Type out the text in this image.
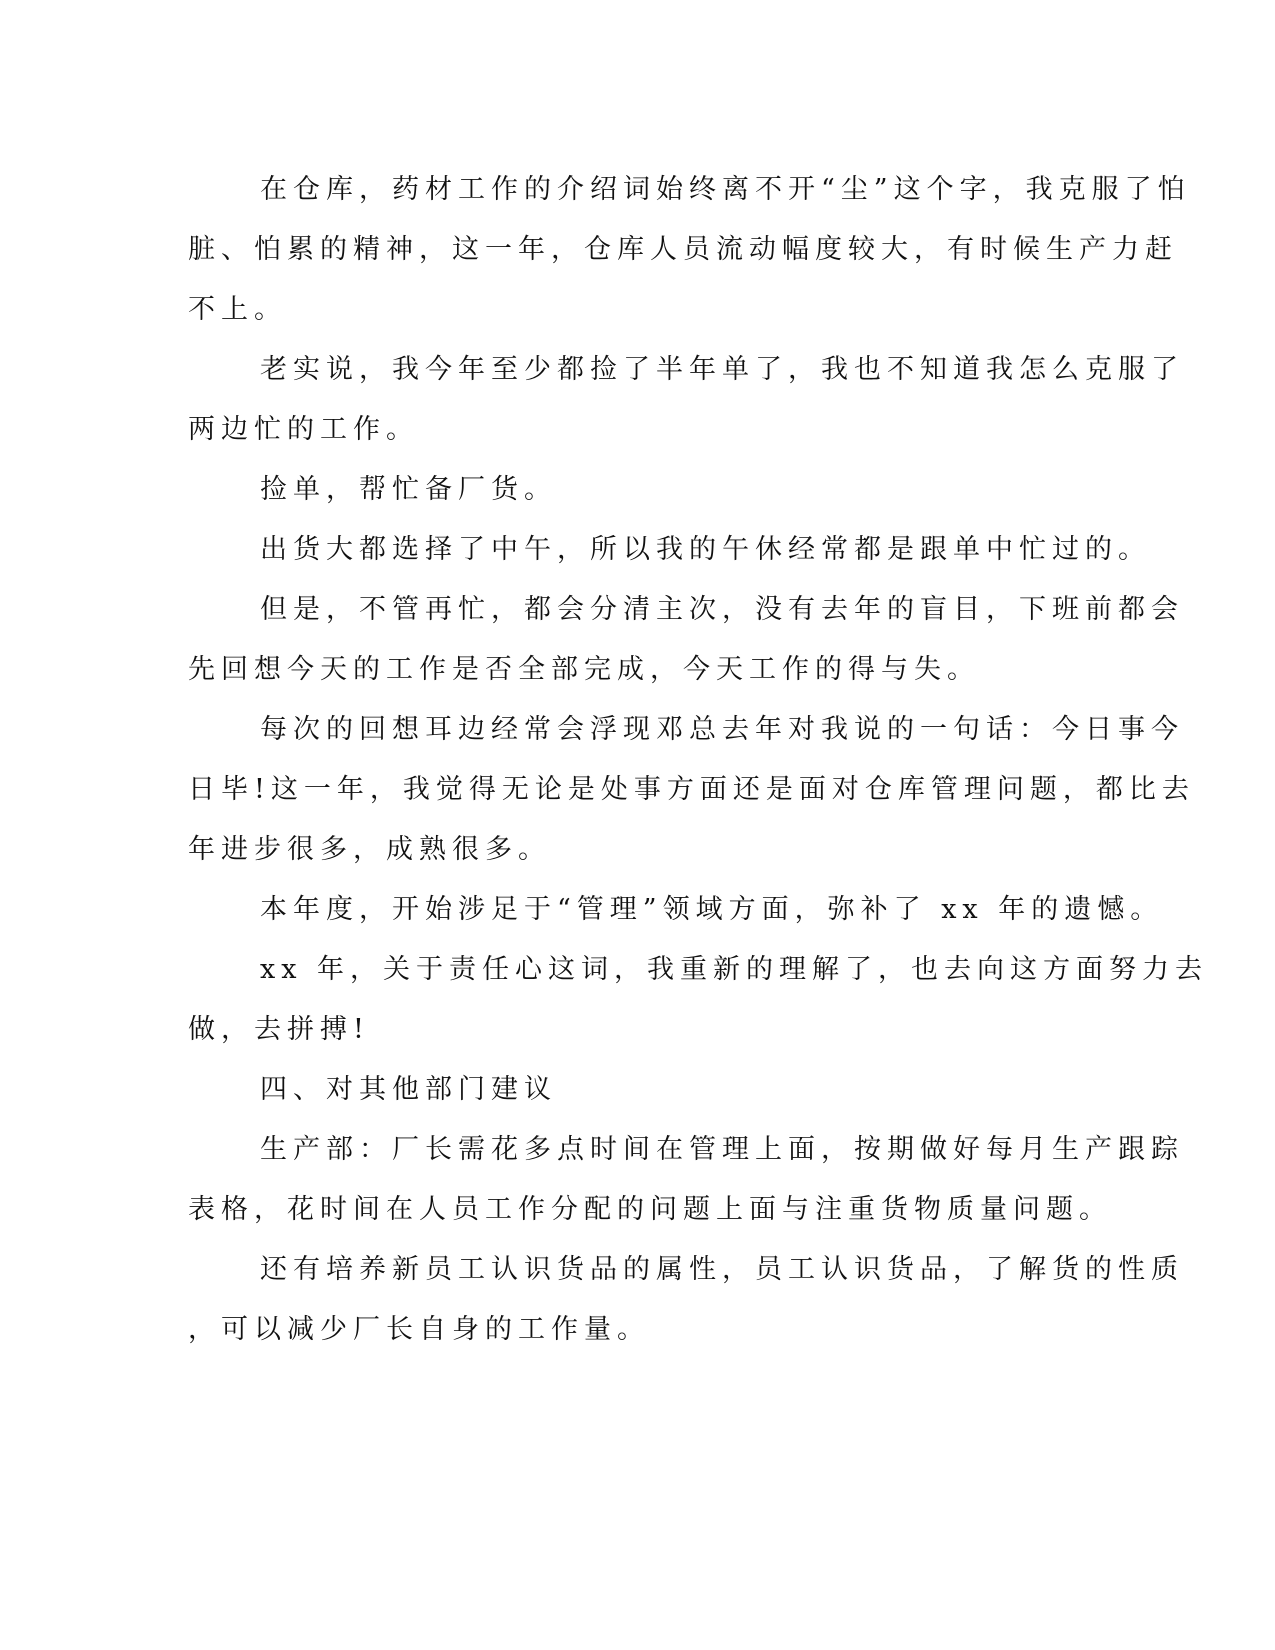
在仓库，药材工作的介绍词始终离不开“尘”这个字，我克服了怕
脏、怕累的精神，这一年，仓库人员流动幅度较大，有时候生产力赶
不上。
老实说，我今年至少都捡了半年单了，我也不知道我怎么克服了
两边忙的工作。
捡单，帮忙备厂货。
出货大都选择了中午，所以我的午休经常都是跟单中忙过的。
但是，不管再忙，都会分清主次，没有去年的盲目，下班前都会
先回想今天的工作是否全部完成，今天工作的得与失。
每次的回想耳边经常会浮现邓总去年对我说的一句话：今日事今
日毕!这一年，我觉得无论是处事方面还是面对仓库管理问题，都比去
年进步很多，成熟很多。
本年度，开始涉足于“管理”领域方面，弥补了 xx 年的遗憾。
xx 年，关于责任心这词，我重新的理解了，也去向这方面努力去
做，去拼搏!
四、对其他部门建议
生产部：厂长需花多点时间在管理上面，按期做好每月生产跟踪
表格，花时间在人员工作分配的问题上面与注重货物质量问题。
还有培养新员工认识货品的属性，员工认识货品，了解货的性质
，可以减少厂长自身的工作量。
